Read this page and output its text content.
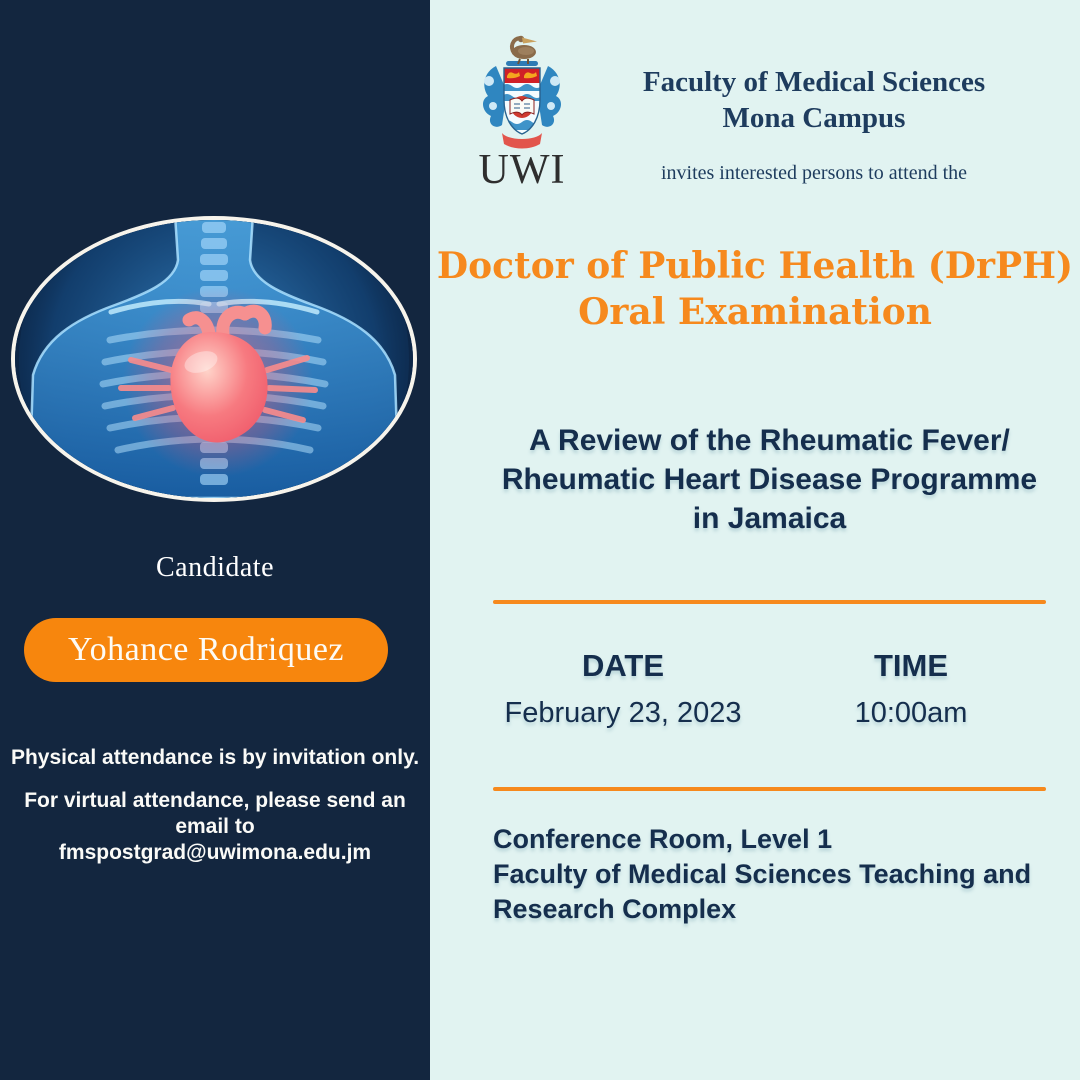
Candidate
Yohance Rodriquez

Physical attendance is by invitation only.

For virtual attendance, please send an email to
fmspostgrad@uwimona.edu.jm

UWI
Faculty of Medical Sciences
Mona Campus
invites interested persons to attend the
Doctor of Public Health (DrPH)
Oral Examination
A Review of the Rheumatic Fever/
Rheumatic Heart Disease Programme
in Jamaica
DATE
February 23, 2023
TIME
10:00am
Conference Room, Level 1
Faculty of Medical Sciences Teaching and
Research Complex
